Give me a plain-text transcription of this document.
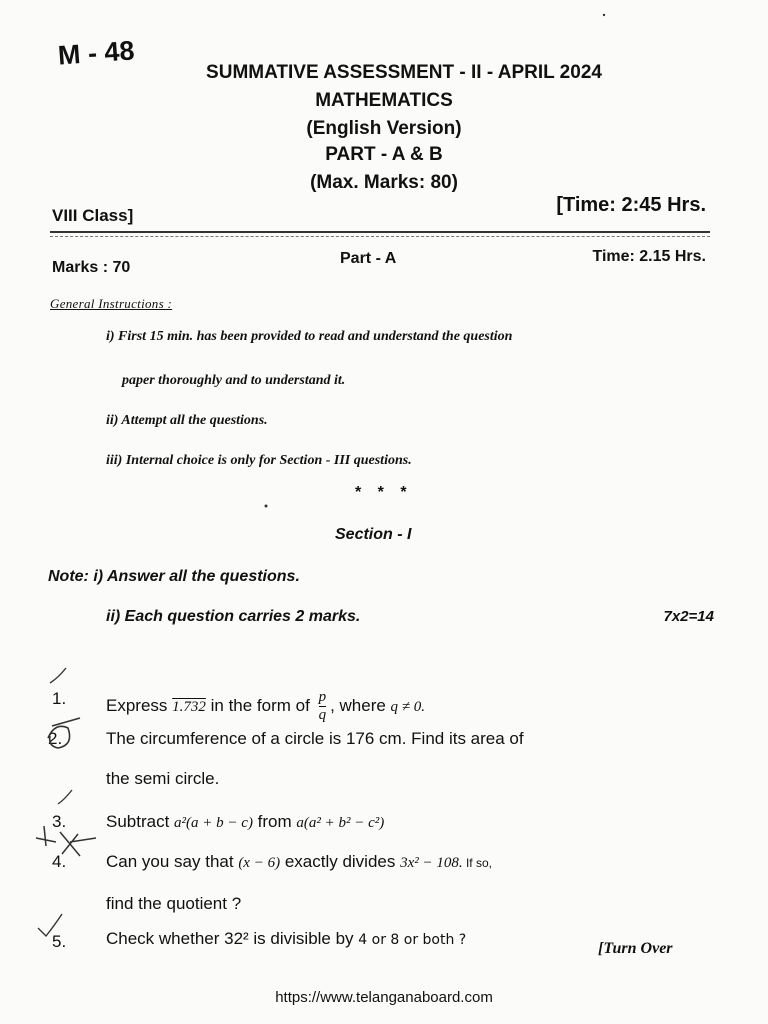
M - 48
SUMMATIVE ASSESSMENT - II - APRIL 2024
MATHEMATICS
(English Version)
PART - A & B
(Max. Marks: 80)
VIII Class]	[Time: 2:45 Hrs.
Marks : 70
Part - A	Time: 2.15 Hrs.
General Instructions :
i) First 15 min. has been provided to read and understand the question
paper thoroughly and to understand it.
ii) Attempt all the questions.
iii) Internal choice is only for Section - III questions.
* * *
Section - I
Note: i) Answer all the questions.
ii) Each question carries 2 marks.	7x2=14
1. Express 1.732 in the form of $\frac{p}{q}$ , where q ≠ 0.
2.	The circumference of a circle is 176 cm. Find its area of
the semi circle.
3. Subtract a²(a + b − c) from a(a² + b² − c²)
4. Can you say that (x − 6) exactly divides 3x² − 108. If so,
find the quotient ?
5. Check whether 32² is divisible by 4 or 8 or both ?	[Turn Over
https://www.telanganaboard.com
